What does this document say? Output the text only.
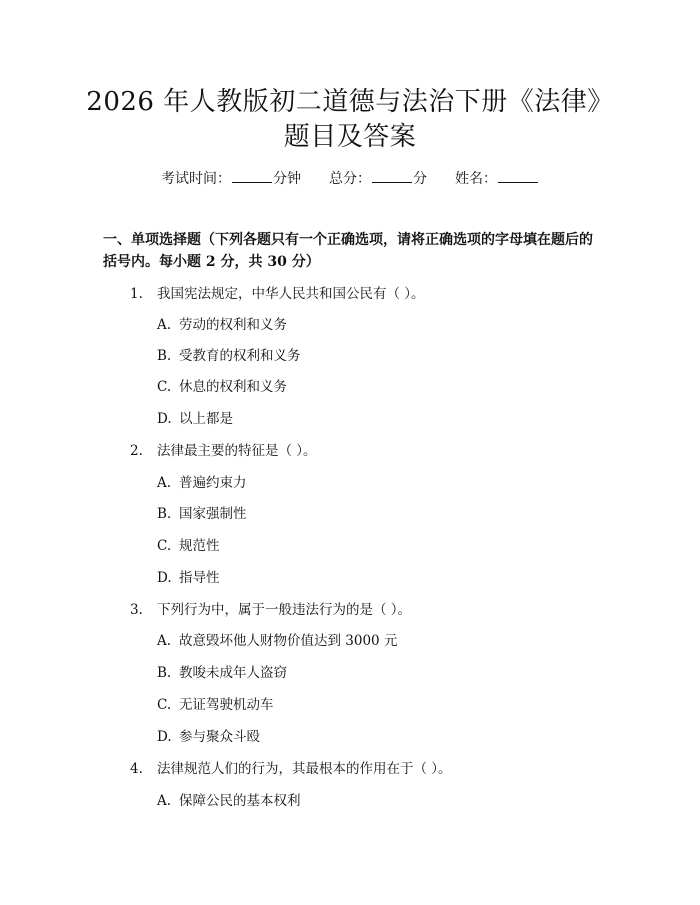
2026 年人教版初二道德与法治下册《法律》
题目及答案
考试时间：	分钟 总分：	分 姓名：
一、单项选择题（下列各题只有一个正确选项，请将正确选项的字母填在题后的括号内。每小题 2 分，共 30 分）
1. 我国宪法规定，中华人民共和国公民有（ ）。
A. 劳动的权利和义务
B. 受教育的权利和义务
C. 休息的权利和义务
D. 以上都是
2. 法律最主要的特征是（ ）。
A. 普遍约束力
B. 国家强制性
C. 规范性
D. 指导性
3. 下列行为中，属于一般违法行为的是（ ）。
A. 故意毁坏他人财物价值达到 3000 元
B. 教唆未成年人盗窃
C. 无证驾驶机动车
D. 参与聚众斗殴
4. 法律规范人们的行为，其最根本的作用在于（ ）。
A. 保障公民的基本权利
